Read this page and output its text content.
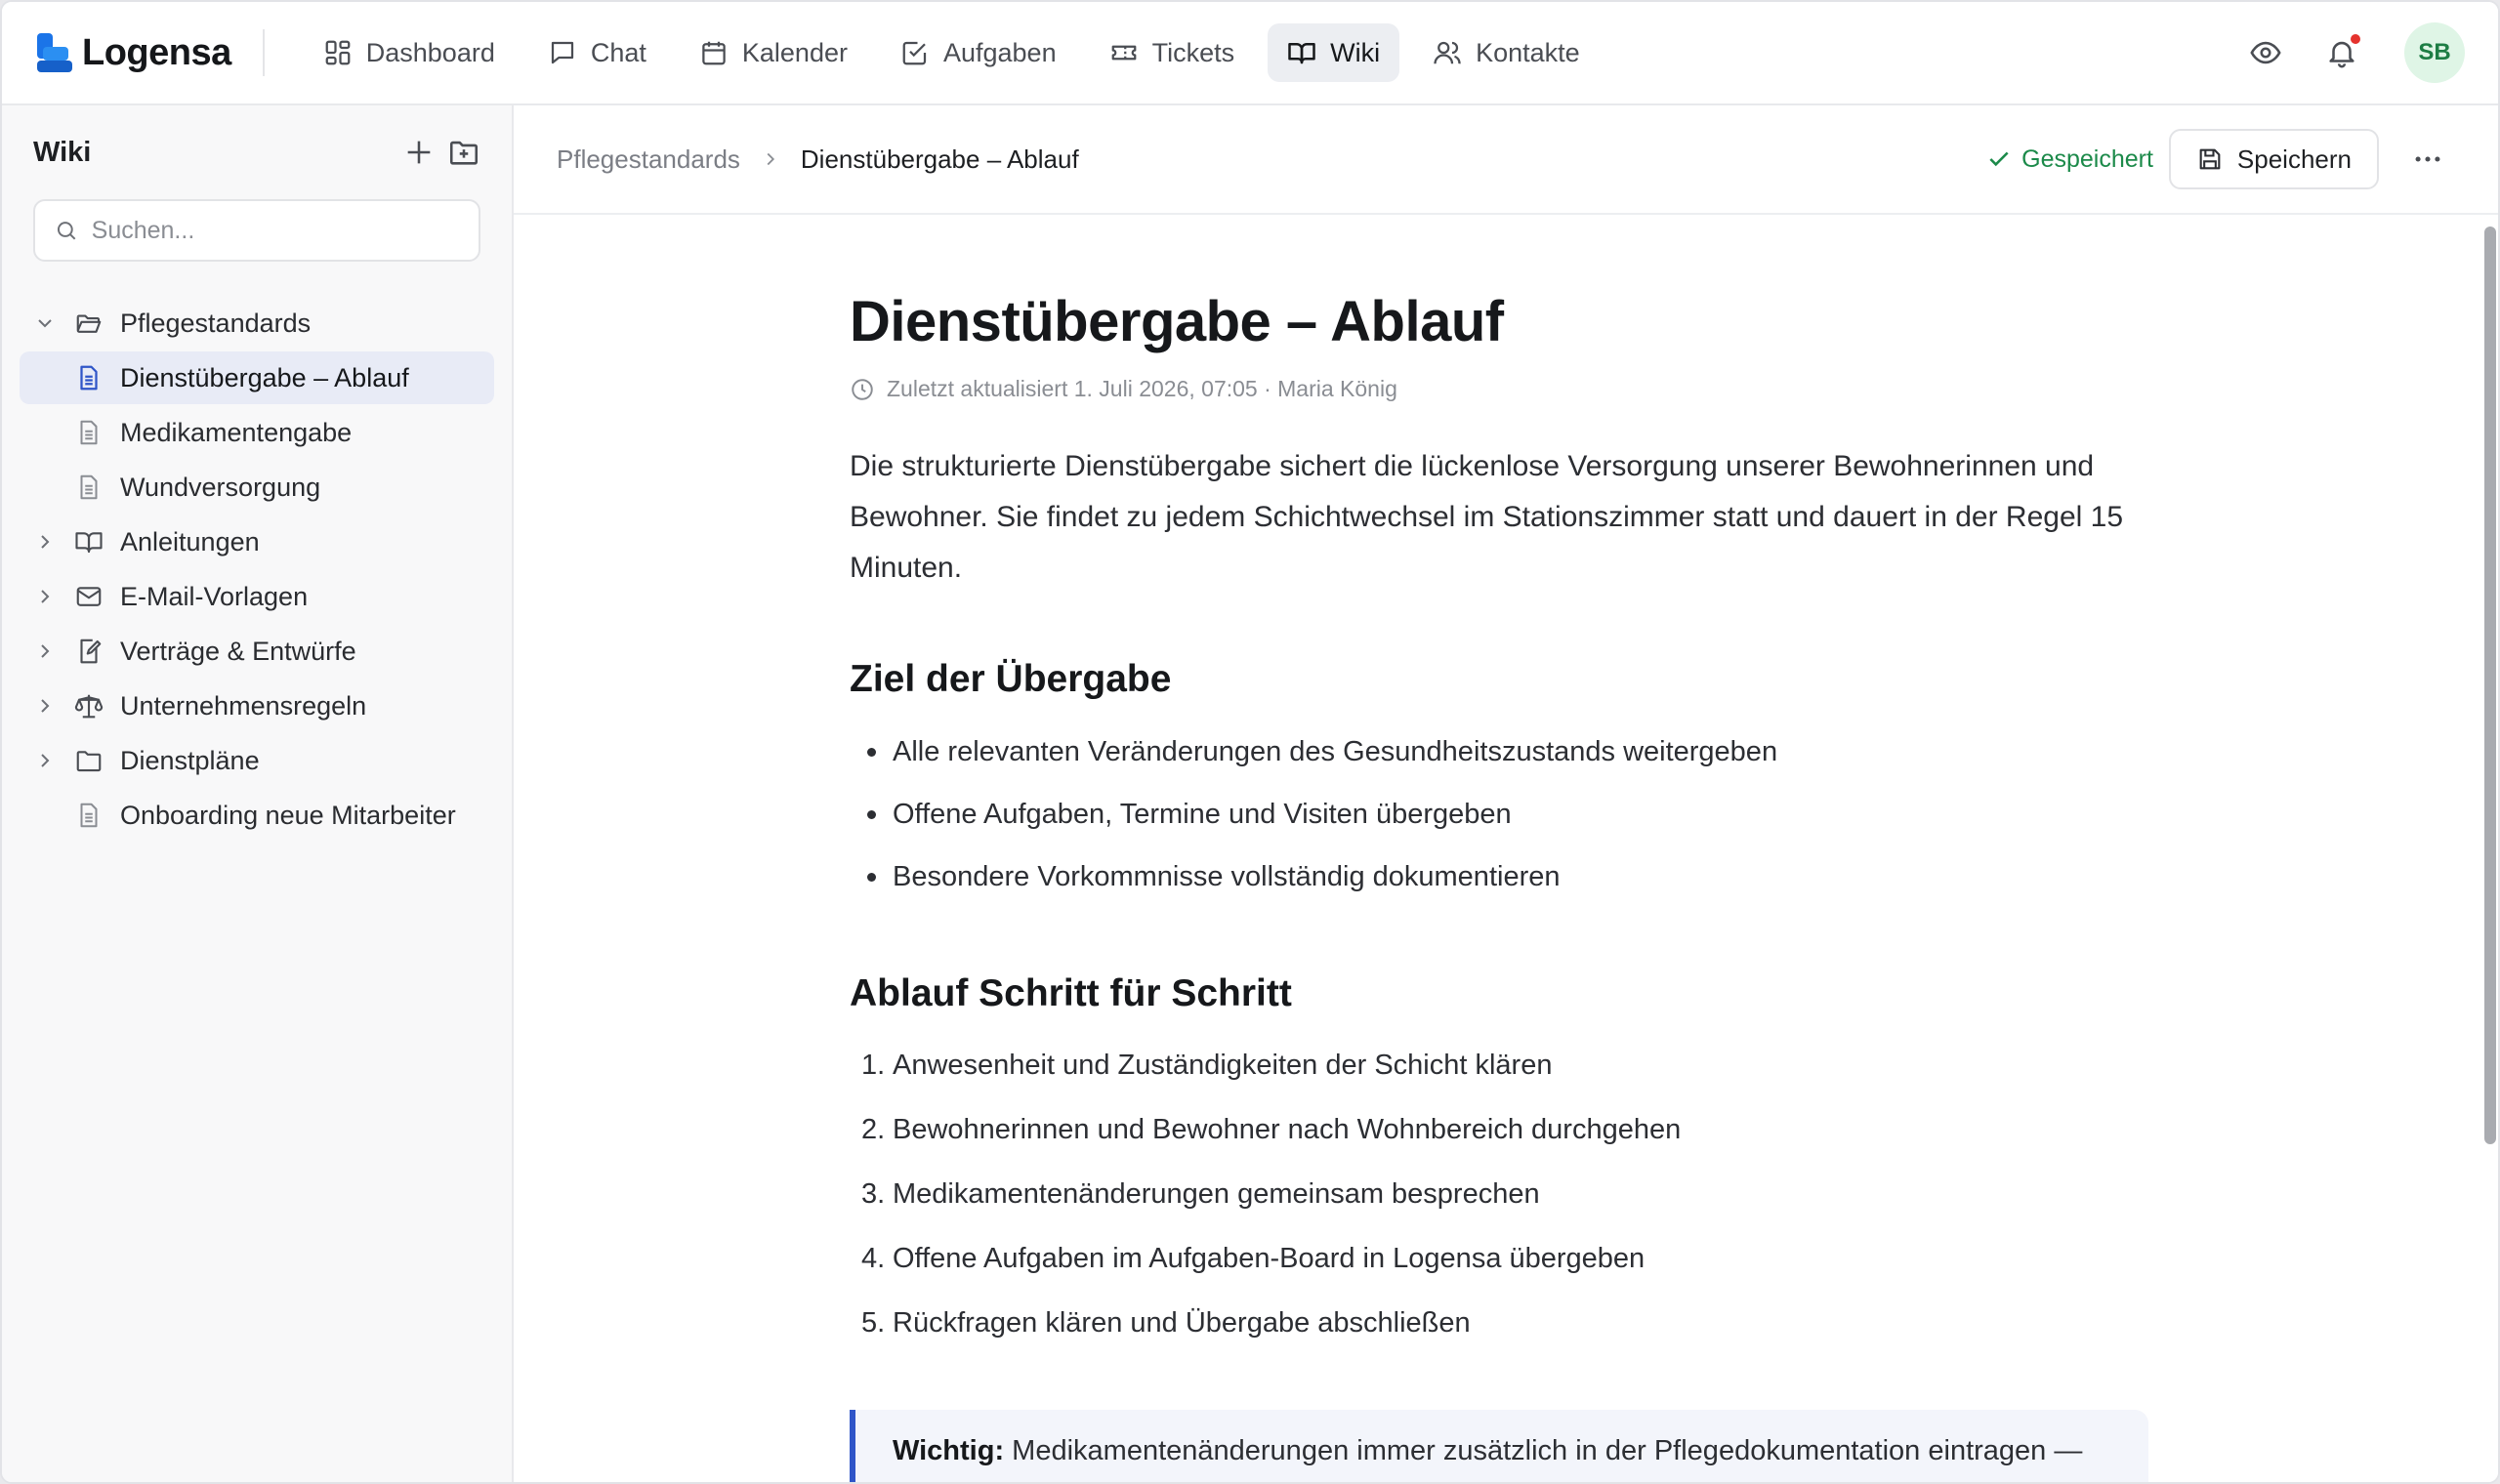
Logensa	Dashboard	Chat	Kalender	Aufgaben	Tickets	Wiki	Kontakte	SB
Wiki
Suchen...
Pflegestandards
Dienstübergabe – Ablauf
Medikamentengabe
Wundversorgung
Anleitungen
E-Mail-Vorlagen
Verträge & Entwürfe
Unternehmensregeln
Dienstpläne
Onboarding neue Mitarbeiter
Pflegestandards Dienstübergabe – Ablauf	Gespeichert	Speichern
Dienstübergabe – Ablauf
Zuletzt aktualisiert 1. Juli 2026, 07:05 · Maria König

Die strukturierte Dienstübergabe sichert die lückenlose Versorgung unserer Bewohnerinnen und Bewohner. Sie findet zu jedem Schichtwechsel im Stationszimmer statt und dauert in der Regel 15 Minuten.

Ziel der Übergabe
Alle relevanten Veränderungen des Gesundheitszustands weitergeben
Offene Aufgaben, Termine und Visiten übergeben
Besondere Vorkommnisse vollständig dokumentieren
Ablauf Schritt für Schritt
1. Anwesenheit und Zuständigkeiten der Schicht klären
2. Bewohnerinnen und Bewohner nach Wohnbereich durchgehen
3. Medikamentenänderungen gemeinsam besprechen
4. Offene Aufgaben im Aufgaben-Board in Logensa übergeben
5. Rückfragen klären und Übergabe abschließen
Wichtig: Medikamentenänderungen immer zusätzlich in der Pflegedokumentation eintragen —
